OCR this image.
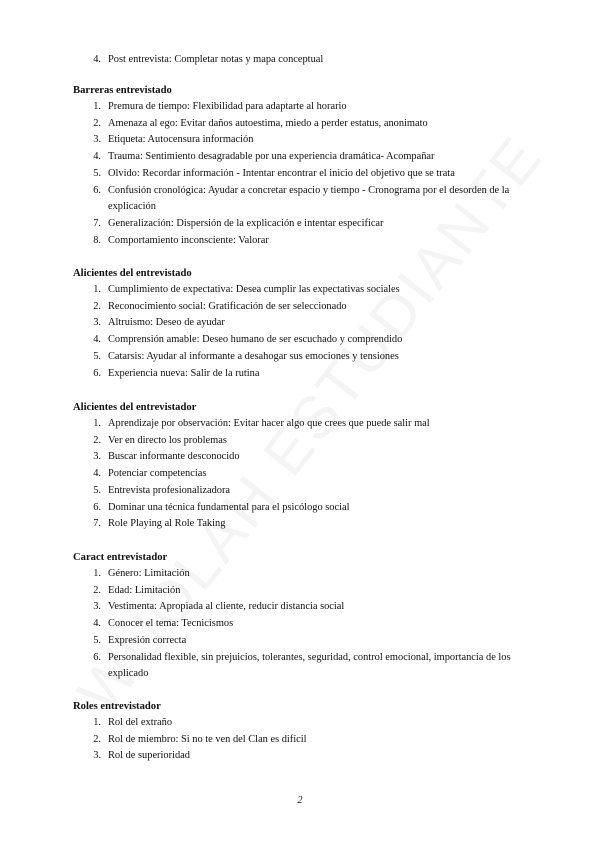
4. Post entrevista: Completar notas y mapa conceptual
Barreras entrevistado
1. Premura de tiempo: Flexibilidad para adaptarte al horario
2. Amenaza al ego: Evitar daños autoestima, miedo a perder estatus, anonimato
3. Etiqueta: Autocensura información
4. Trauma: Sentimiento desagradable por una experiencia dramática- Acompañar
5. Olvido: Recordar información - Intentar encontrar el inicio del objetivo que se trata
6. Confusión cronológica: Ayudar a concretar espacio y tiempo - Cronograma por el desorden de la explicación
7. Generalización: Dispersión de la explicación e intentar especificar
8. Comportamiento inconsciente: Valorar
Alicientes del entrevistado
1. Cumplimiento de expectativa: Desea cumplir las expectativas sociales
2. Reconocimiento social: Gratificación de ser seleccionado
3. Altruismo: Deseo de ayudar
4. Comprensión amable: Deseo humano de ser escuchado y comprendido
5. Catarsis: Ayudar al informante a desahogar sus emociones y tensiones
6. Experiencia nueva: Salir de la rutina
Alicientes del entrevistador
1. Aprendizaje por observación: Evitar hacer algo que crees que puede salir mal
2. Ver en directo los problemas
3. Buscar informante desconocido
4. Potenciar competencias
5. Entrevista profesionalizadora
6. Dominar una técnica fundamental para el psicólogo social
7. Role Playing al Role Taking
Caract entrevistador
1. Género: Limitación
2. Edad: Limitación
3. Vestimenta: Apropiada al cliente, reducir distancia social
4. Conocer el tema: Tecnicismos
5. Expresión correcta
6. Personalidad flexible, sin prejuicios, tolerantes, seguridad, control emocional, importancia de los explicado
Roles entrevistador
1. Rol del extraño
2. Rol de miembro: Si no te ven del Clan es difícil
3. Rol de superioridad
2
